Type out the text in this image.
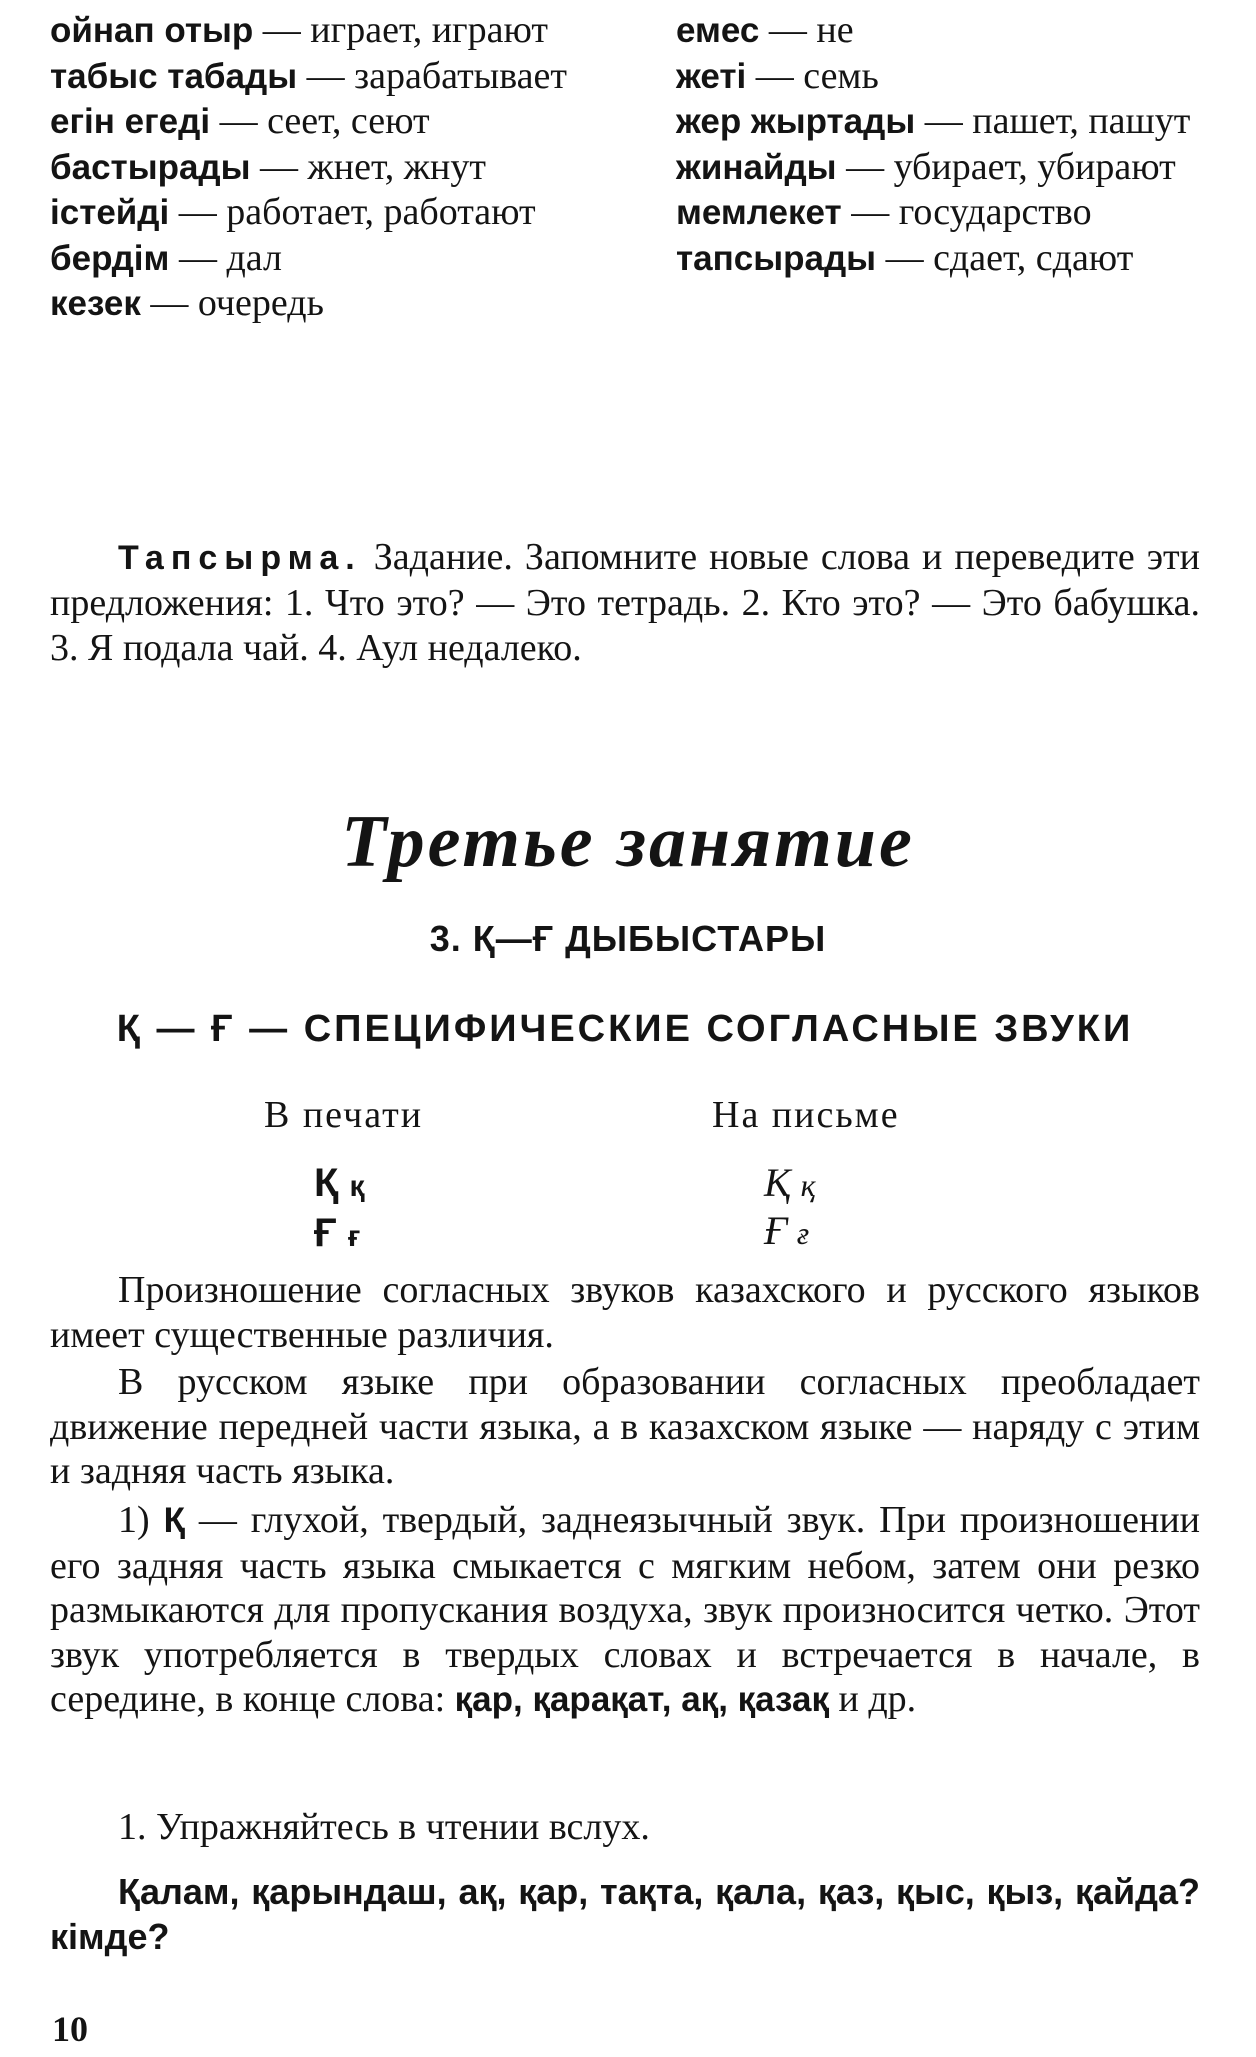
ойнап отыр — играет, играют

табыс табады — зарабатывает

егін егеді — сеет, сеют

бастырады — жнет, жнут

істейді — работает, работают

бердім — дал

кезек — очередь

емес — не

жеті — семь

жер жыртады — пашет, пашут

жинайды — убирает, убирают

мемлекет — государство

тапсырады — сдает, сдают

Тапсырма. Задание. Запомните новые слова и переведите эти предложения: 1. Что это? — Это тетрадь. 2. Кто это? — Это бабушка. 3. Я подала чай. 4. Аул недалеко.

Третье занятие
3. Қ—Ғ ДЫБЫСТАРЫ
Қ — Ғ — СПЕЦИФИЧЕСКИЕ СОГЛАСНЫЕ ЗВУКИ
В печати	На письме
Қ қ
Ғ ғ
Қ қ
Ғ ғ

Произношение согласных звуков казахского и русского языков имеет существенные различия.

В русском языке при образовании согласных преобладает движение передней части языка, а в казахском языке — наряду с этим и задняя часть языка.

1) Қ — глухой, твердый, заднеязычный звук. При произношении его задняя часть языка смыкается с мягким небом, затем они резко размыкаются для пропускания воздуха, звук произносится четко. Этот звук употребляется в твердых словах и встречается в начале, в середине, в конце слова: қар, қарақат, ақ, қазақ и др.

1. Упражняйтесь в чтении вслух.

Қалам, қарындаш, ақ, қар, тақта, қала, қаз, қыс, қыз, қайда? кімде?

10
